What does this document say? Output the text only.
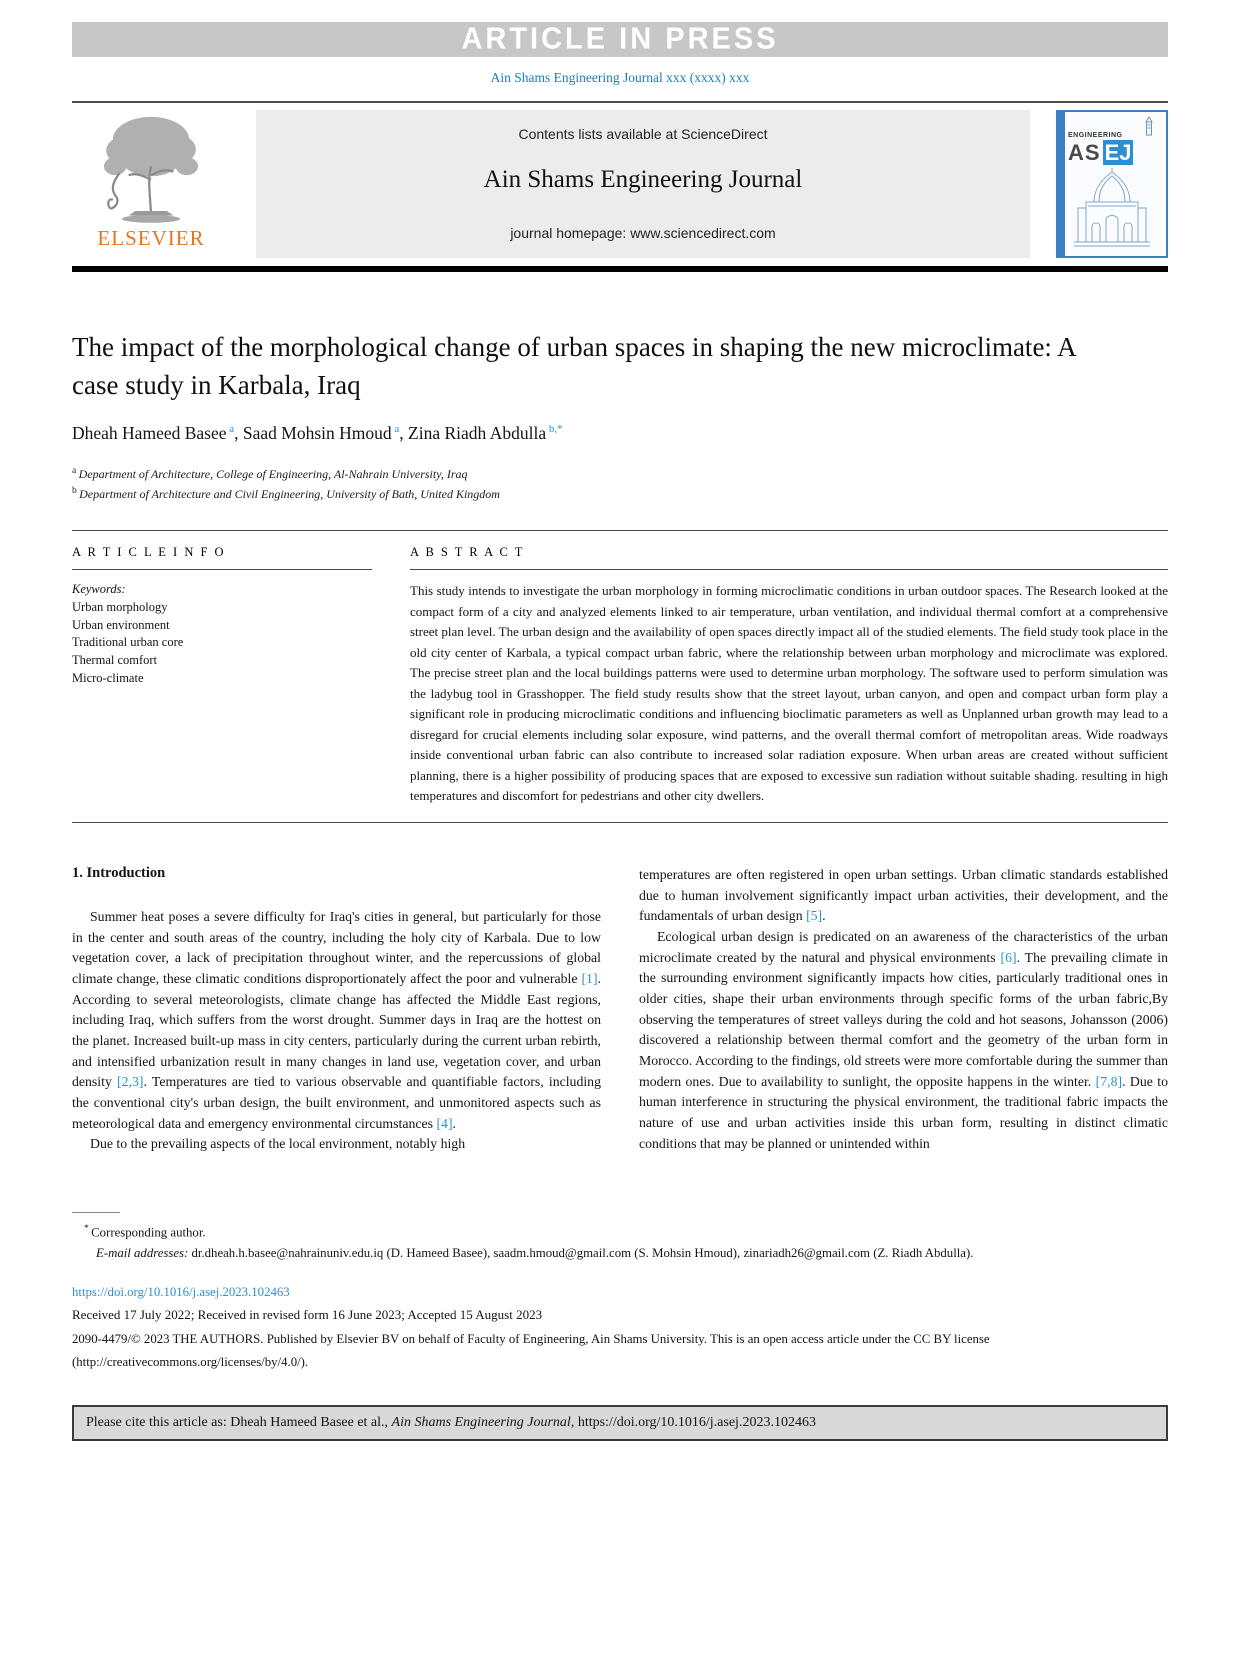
ARTICLE IN PRESS
Ain Shams Engineering Journal xxx (xxxx) xxx
ELSEVIER
Contents lists available at ScienceDirect
Ain Shams Engineering Journal
journal homepage: www.sciencedirect.com
ENGINEERING
AS EJ
The impact of the morphological change of urban spaces in shaping the new microclimate: A case study in Karbala, Iraq
Dheah Hameed Basee $^a$, Saad Mohsin Hmoud $^a$, Zina Riadh Abdulla $^{b,*}$
$^a$ Department of Architecture, College of Engineering, Al-Nahrain University, Iraq
$^b$ Department of Architecture and Civil Engineering, University of Bath, United Kingdom
A R T I C L E I N F O
Keywords:
Urban morphology
Urban environment
Traditional urban core
Thermal comfort
Micro-climate
A B S T R A C T
This study intends to investigate the urban morphology in forming microclimatic conditions in urban outdoor spaces. The Research looked at the compact form of a city and analyzed elements linked to air temperature, urban ventilation, and individual thermal comfort at a comprehensive street plan level. The urban design and the availability of open spaces directly impact all of the studied elements. The field study took place in the old city center of Karbala, a typical compact urban fabric, where the relationship between urban morphology and microclimate was explored. The precise street plan and the local buildings patterns were used to determine urban morphology. The software used to perform simulation was the ladybug tool in Grasshopper. The field study results show that the street layout, urban canyon, and open and compact urban form play a significant role in producing microclimatic conditions and influencing bioclimatic parameters as well as Unplanned urban growth may lead to a disregard for crucial elements including solar exposure, wind patterns, and the overall thermal comfort of metropolitan areas. Wide roadways inside conventional urban fabric can also contribute to increased solar radiation exposure. When urban areas are created without sufficient planning, there is a higher possibility of producing spaces that are exposed to excessive sun radiation without suitable shading. resulting in high temperatures and discomfort for pedestrians and other city dwellers.
1. Introduction

Summer heat poses a severe difficulty for Iraq's cities in general, but particularly for those in the center and south areas of the country, including the holy city of Karbala. Due to low vegetation cover, a lack of precipitation throughout winter, and the repercussions of global climate change, these climatic conditions disproportionately affect the poor and vulnerable [1]. According to several meteorologists, climate change has affected the Middle East regions, including Iraq, which suffers from the worst drought. Summer days in Iraq are the hottest on the planet. Increased built-up mass in city centers, particularly during the current urban rebirth, and intensified urbanization result in many changes in land use, vegetation cover, and urban density [2,3]. Temperatures are tied to various observable and quantifiable factors, including the conventional city's urban design, the built environment, and unmonitored aspects such as meteorological data and emergency environmental circumstances [4].

Due to the prevailing aspects of the local environment, notably high

temperatures are often registered in open urban settings. Urban climatic standards established due to human involvement significantly impact urban activities, their development, and the fundamentals of urban design [5].

Ecological urban design is predicated on an awareness of the characteristics of the urban microclimate created by the natural and physical environments [6]. The prevailing climate in the surrounding environment significantly impacts how cities, particularly traditional ones in older cities, shape their urban environments through specific forms of the urban fabric,By observing the temperatures of street valleys during the cold and hot seasons, Johansson (2006) discovered a relationship between thermal comfort and the geometry of the urban form in Morocco. According to the findings, old streets were more comfortable during the summer than modern ones. Due to availability to sunlight, the opposite happens in the winter. [7,8]. Due to human interference in structuring the physical environment, the traditional fabric impacts the nature of use and urban activities inside this urban form, resulting in distinct climatic conditions that may be planned or unintended within

* Corresponding author.
E-mail addresses: dr.dheah.h.basee@nahrainuniv.edu.iq (D. Hameed Basee), saadm.hmoud@gmail.com (S. Mohsin Hmoud), zinariadh26@gmail.com (Z. Riadh Abdulla).
https://doi.org/10.1016/j.asej.2023.102463
Received 17 July 2022; Received in revised form 16 June 2023; Accepted 15 August 2023
2090-4479/© 2023 THE AUTHORS. Published by Elsevier BV on behalf of Faculty of Engineering, Ain Shams University. This is an open access article under the CC BY license (http://creativecommons.org/licenses/by/4.0/).
Please cite this article as: Dheah Hameed Basee et al., Ain Shams Engineering Journal, https://doi.org/10.1016/j.asej.2023.102463
